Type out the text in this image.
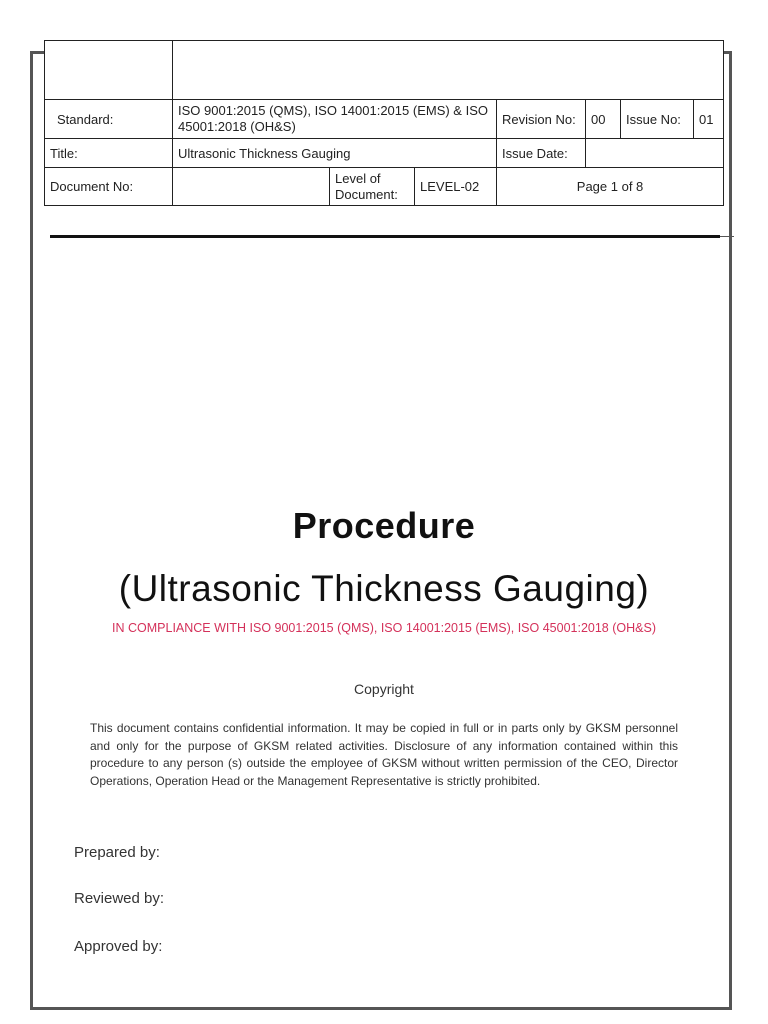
Standard:	ISO 9001:2015 (QMS), ISO 14001:2015 (EMS) & ISO 45001:2018 (OH&S)			Revision No:	00	Issue No:	01
Title:	Ultrasonic Thickness Gauging			Issue Date:			
Document No:		Level of Document:	LEVEL-02	Page 1 of 8			
Procedure
(Ultrasonic Thickness Gauging)
IN COMPLIANCE WITH ISO 9001:2015 (QMS), ISO 14001:2015 (EMS), ISO 45001:2018 (OH&S)
Copyright
This document contains confidential information. It may be copied in full or in parts only by GKSM personnel and only for the purpose of GKSM related activities. Disclosure of any information contained within this procedure to any person (s) outside the employee of GKSM without written permission of the CEO, Director Operations, Operation Head or the Management Representative is strictly prohibited.
Prepared by:
Reviewed by:
Approved by:
